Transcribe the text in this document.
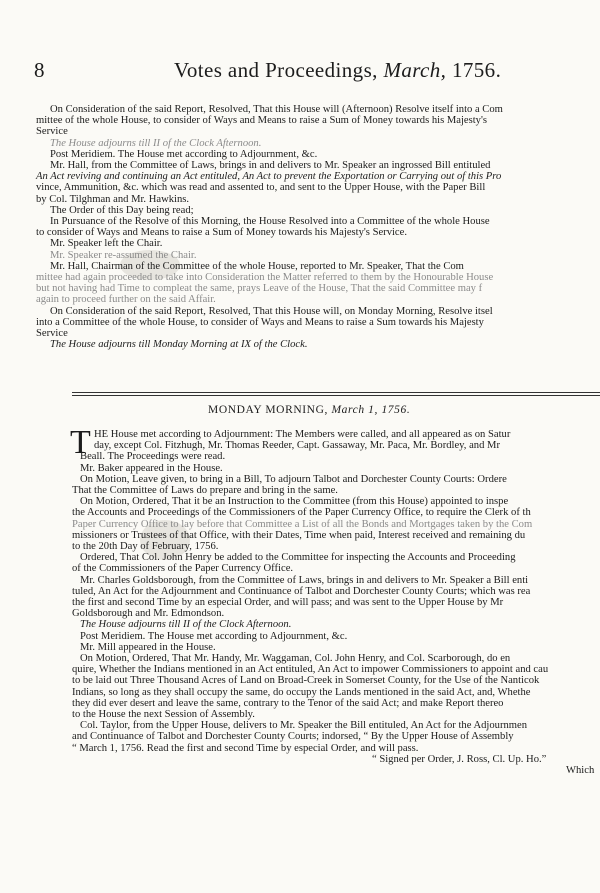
8	Votes and Proceedings, March, 1756.
On Consideration of the said Report, Resolved, That this House will (Afternoon) Resolve itself into a Com
mittee of the whole House, to consider of Ways and Means to raise a Sum of Money towards his Majesty's
Service
The House adjourns till II of the Clock Afternoon.
Post Meridiem. The House met according to Adjournment, &c.
Mr. Hall, from the Committee of Laws, brings in and delivers to Mr. Speaker an ingrossed Bill entituled
An Act reviving and continuing an Act entituled, An Act to prevent the Exportation or Carrying out of this Pro
vince, Ammunition, &c. which was read and assented to, and sent to the Upper House, with the Paper Bill
by Col. Tilghman and Mr. Hawkins.
The Order of this Day being read;
In Pursuance of the Resolve of this Morning, the House Resolved into a Committee of the whole House
to consider of Ways and Means to raise a Sum of Money towards his Majesty's Service.
Mr. Speaker left the Chair.
Mr. Speaker re-assumed the Chair.
Mr. Hall, Chairman of the Committee of the whole House, reported to Mr. Speaker, That the Com
mittee had again proceeded to take into Consideration the Matter referred to them by the Honourable House
but not having had Time to compleat the same, prays Leave of the House, That the said Committee may f
again to proceed further on the said Affair.
On Consideration of the said Report, Resolved, That this House will, on Monday Morning, Resolve itsel
into a Committee of the whole House, to consider of Ways and Means to raise a Sum towards his Majesty
Service
The House adjourns till Monday Morning at IX of the Clock.
MONDAY MORNING, March 1, 1756.
T HE House met according to Adjournment: The Members were called, and all appeared as on Satur
day, except Col. Fitzhugh, Mr. Thomas Reeder, Capt. Gassaway, Mr. Paca, Mr. Bordley, and Mr
Beall. The Proceedings were read.
Mr. Baker appeared in the House.
On Motion, Leave given, to bring in a Bill, To adjourn Talbot and Dorchester County Courts: Ordere
That the Committee of Laws do prepare and bring in the same.
On Motion, Ordered, That it be an Instruction to the Committee (from this House) appointed to inspe
the Accounts and Proceedings of the Commissioners of the Paper Currency Office, to require the Clerk of th
Paper Currency Office to lay before that Committee a List of all the Bonds and Mortgages taken by the Com
missioners or Trustees of that Office, with their Dates, Time when paid, Interest received and remaining du
to the 20th Day of February, 1756.
Ordered, That Col. John Henry be added to the Committee for inspecting the Accounts and Proceeding
of the Commissioners of the Paper Currency Office.
Mr. Charles Goldsborough, from the Committee of Laws, brings in and delivers to Mr. Speaker a Bill enti
tuled, An Act for the Adjournment and Continuance of Talbot and Dorchester County Courts; which was rea
the first and second Time by an especial Order, and will pass; and was sent to the Upper House by Mr
Goldsborough and Mr. Edmondson.
The House adjourns till II of the Clock Afternoon.
Post Meridiem. The House met according to Adjournment, &c.
Mr. Mill appeared in the House.
On Motion, Ordered, That Mr. Handy, Mr. Waggaman, Col. John Henry, and Col. Scarborough, do en
quire, Whether the Indians mentioned in an Act entituled, An Act to impower Commissioners to appoint and cau
to be laid out Three Thousand Acres of Land on Broad-Creek in Somerset County, for the Use of the Nanticok
Indians, so long as they shall occupy the same, do occupy the Lands mentioned in the said Act, and, Whethe
they did ever desert and leave the same, contrary to the Tenor of the said Act; and make Report thereo
to the House the next Session of Assembly.
Col. Taylor, from the Upper House, delivers to Mr. Speaker the Bill entituled, An Act for the Adjournmen
and Continuance of Talbot and Dorchester County Courts; indorsed, “ By the Upper House of Assembly
“ March 1, 1756. Read the first and second Time by especial Order, and will pass.
“ Signed per Order, J. Ross, Cl. Up. Ho.”
Which
